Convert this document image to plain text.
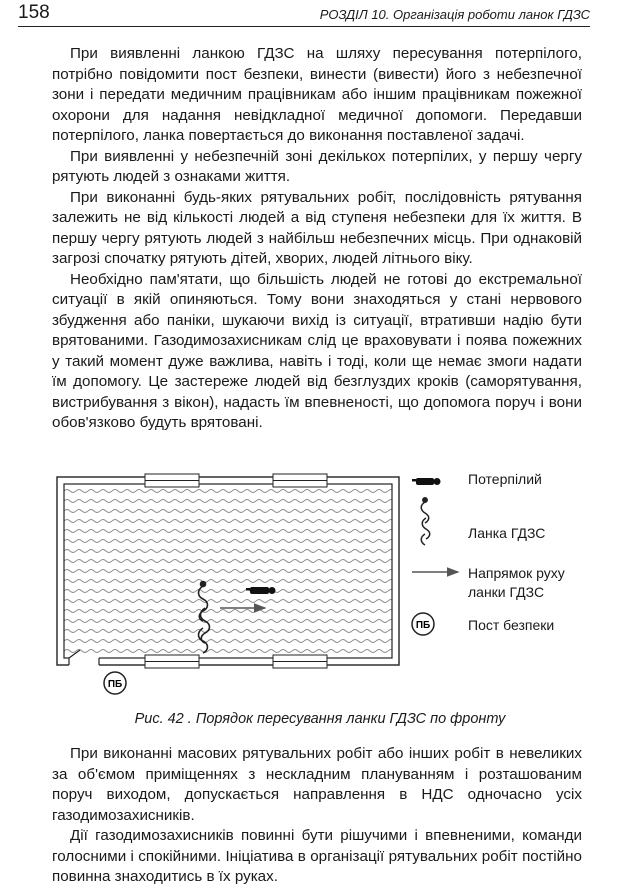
158	РОЗДІЛ 10. Організація роботи ланок ГДЗС

При виявленні ланкою ГДЗС на шляху пересування потерпілого, потрібно повідомити пост безпеки, винести (вивести) його з небезпечної зони і передати медичним працівникам або іншим працівникам пожежної охорони для надання невідкладної медичної допомоги. Передавши потерпілого, ланка повертається до виконання поставленої задачі.

При виявленні у небезпечній зоні декількох потерпілих, у першу чергу рятують людей з ознаками життя.

При виконанні будь-яких рятувальних робіт, послідовність рятування залежить не від кількості людей а від ступеня небезпеки для їх життя. В першу чергу рятують людей з найбільш небезпечних місць. При однаковій загрозі спочатку рятують дітей, хворих, людей літнього віку.

Необхідно пам'ятати, що більшість людей не готові до екстремальної ситуації в якій опиняються. Тому вони знаходяться у стані нервового збудження або паніки, шукаючи вихід із ситуації, втративши надію бути врятованими. Газодимозахисникам слід це враховувати і поява пожежних у такий момент дуже важлива, навіть і тоді, коли ще немає змоги надати їм допомогу. Це застереже людей від безглуздих кроків (саморятування, вистрибування з вікон), надасть їм впевненості, що допомога поруч і вони обов'язково будуть врятовані.

ПБ
ПБ
Потерпілий
Ланка ГДЗС
Напрямок руху ланки ГДЗС
Пост безпеки
Рис. 42 . Порядок пересування ланки ГДЗС по фронту

При виконанні масових рятувальних робіт або інших робіт в невеликих за об'ємом приміщеннях з нескладним плануванням і розташованим поруч виходом, допускається направлення в НДС одночасно усіх газодимозахисників.

Дії газодимозахисників повинні бути рішучими і впевненими, команди голосними і спокійними. Ініціатива в організації рятувальних робіт постійно повинна знаходитись в їх руках.
